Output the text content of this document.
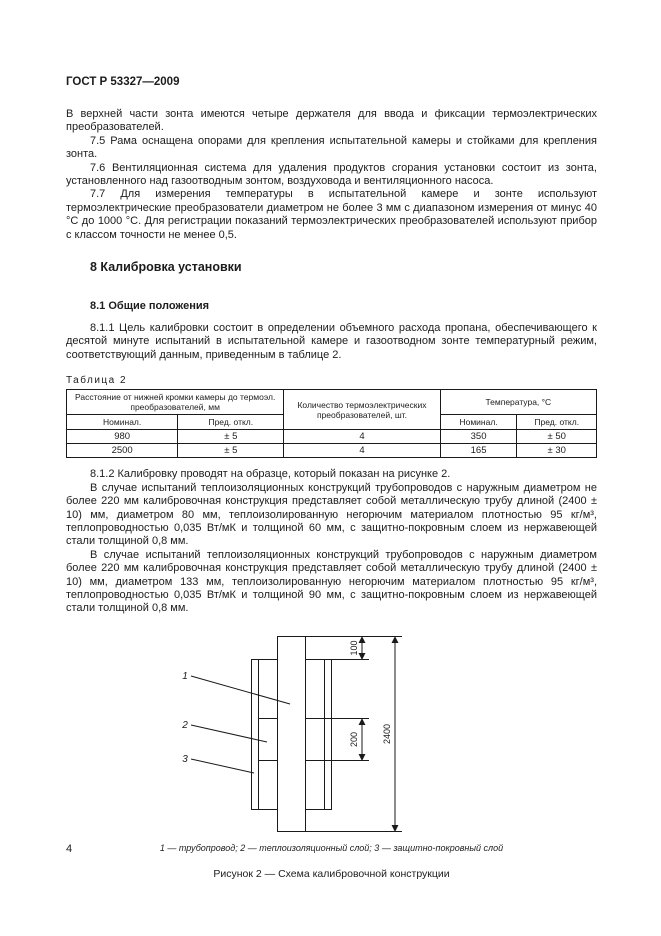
ГОСТ Р 53327—2009

В верхней части зонта имеются четыре держателя для ввода и фиксации термоэлектрических преобразователей.

7.5 Рама оснащена опорами для крепления испытательной камеры и стойками для крепления зонта.

7.6 Вентиляционная система для удаления продуктов сгорания установки состоит из зонта, установленного над газоотводным зонтом, воздуховода и вентиляционного насоса.

7.7 Для измерения температуры в испытательной камере и зонте используют термоэлектрические преобразователи диаметром не более 3 мм с диапазоном измерения от минус 40 °С до 1000 °С. Для регистрации показаний термоэлектрических преобразователей используют прибор с классом точности не менее 0,5.

8 Калибровка установки
8.1 Общие положения

8.1.1 Цель калибровки состоит в определении объемного расхода пропана, обеспечивающего к десятой минуте испытаний в испытательной камере и газоотводном зонте температурный режим, соответствующий данным, приведенным в таблице 2.

Таблица 2
Расстояние от нижней кромки камеры до термоэл. преобразователей, мм		Количество термоэлектрических преобразователей, шт.	Температура, °С	
Номинал.	Пред. откл.		Номинал.	Пред. откл.
980	± 5	4	350	± 50
2500	± 5	4	165	± 30

8.1.2 Калибровку проводят на образце, который показан на рисунке 2.

В случае испытаний теплоизоляционных конструкций трубопроводов с наружным диаметром не более 220 мм калибровочная конструкция представляет собой металлическую трубу длиной (2400 ± 10) мм, диаметром 80 мм, теплоизолированную негорючим материалом плотностью 95 кг/м³, теплопроводностью 0,035 Вт/мК и толщиной 60 мм, с защитно-покровным слоем из нержавеющей стали толщиной 0,8 мм.

В случае испытаний теплоизоляционных конструкций трубопроводов с наружным диаметром более 220 мм калибровочная конструкция представляет собой металлическую трубу длиной (2400 ± 10) мм, диаметром 133 мм, теплоизолированную негорючим материалом плотностью 95 кг/м³, теплопроводностью 0,035 Вт/мК и толщиной 90 мм, с защитно-покровным слоем из нержавеющей стали толщиной 0,8 мм.

1
2
3
100
200	2400
1 — трубопровод; 2 — теплоизоляционный слой; 3 — защитно-покровный слой
Рисунок 2 — Схема калибровочной конструкции
4
